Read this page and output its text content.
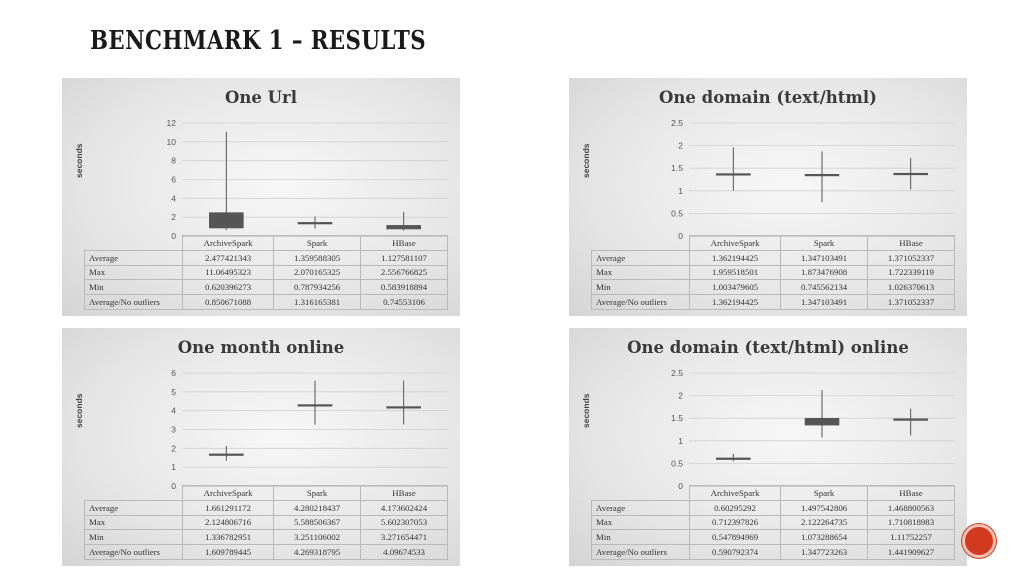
BENCHMARK 1 – RESULTS
One Url
seconds
0
2
4
6
8
10
12
	ArchiveSpark	Spark	HBase
Average	2.477421343	1.359588305	1.127581107
Max	11.06495323	2.070165325	2.556766825
Min	0.620396273	0.787934256	0.583918894
Average/No outliers	0.850671088	1.316165381	0.74553106
One domain (text/html)
seconds
0
0.5
1
1.5
2
2.5
	ArchiveSpark	Spark	HBase
Average	1.362194425	1.347103491	1.371052337
Max	1.959518501	1.873476908	1.722339119
Min	1.003479605	0.745562134	1.026370613
Average/No outliers	1.362194425	1.347103491	1.371052337
One month online
seconds
0
1
2
3
4
5
6
	ArchiveSpark	Spark	HBase
Average	1.661291172	4.280218437	4.173602424
Max	2.124806716	5.588506367	5.602307053
Min	1.336782951	3.251106002	3.271654471
Average/No outliers	1.609789445	4.269318795	4.09674533
One domain (text/html) online
seconds
0
0.5
1
1.5
2
2.5
	ArchiveSpark	Spark	HBase
Average	0.60295292	1.497542806	1.468800563
Max	0.712397826	2.122264735	1.710818983
Min	0.547894969	1.073288654	1.11752257
Average/No outliers	0.590792374	1.347723263	1.441909627
